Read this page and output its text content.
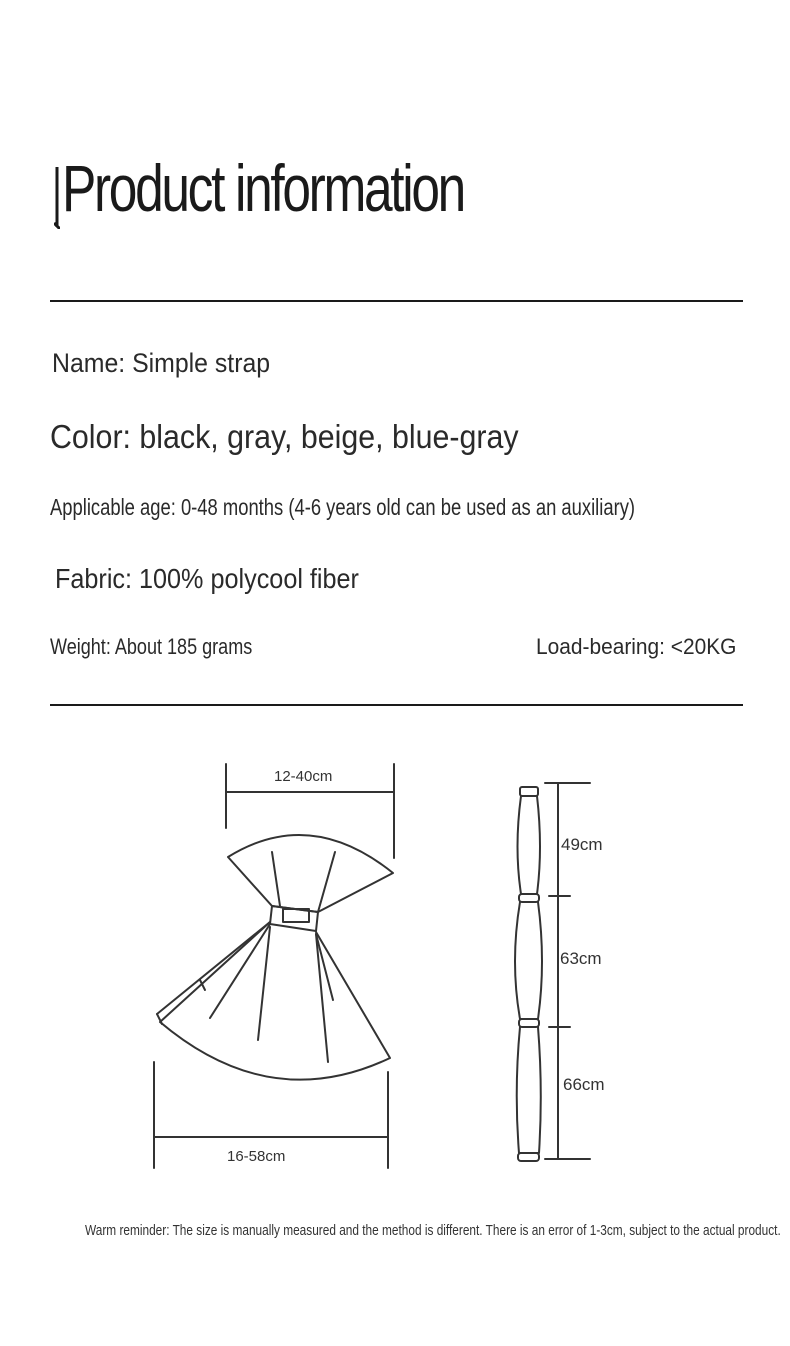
Product information
Name: Simple strap
Color: black, gray, beige, blue-gray
Applicable age: 0-48 months (4-6 years old can be used as an auxiliary)
Fabric: 100% polycool fiber
Weight: About 185 grams	Load-bearing: <20KG
12-40cm
16-58cm
49cm
63cm
66cm
Warm reminder: The size is manually measured and the method is different. There is an error of 1-3cm, subject to the actual product.
